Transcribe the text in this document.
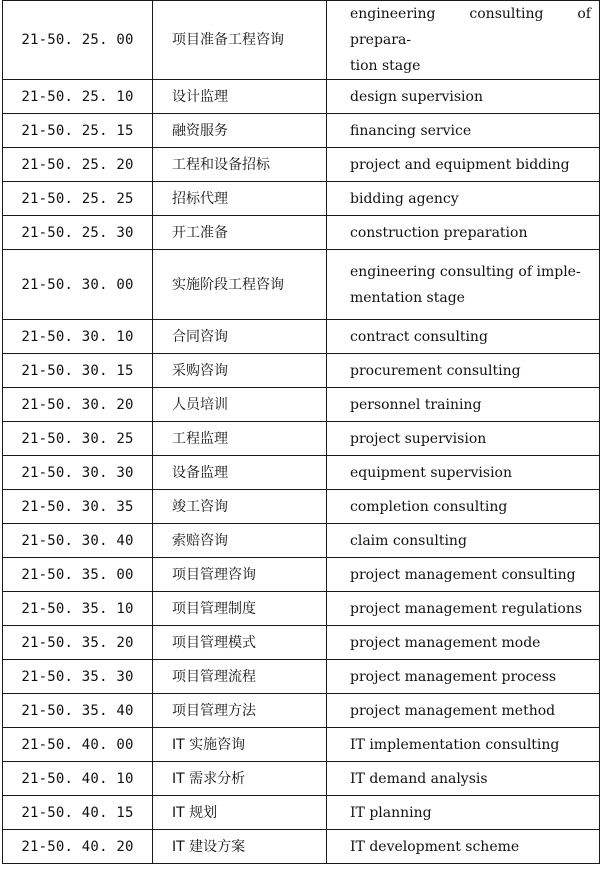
21-50. 25. 00	项目准备工程咨询	engineering consulting of prepara-
tion stage

21-50. 25. 10	设计监理	design supervision
21-50. 25. 15	融资服务	financing service
21-50. 25. 20	工程和设备招标	project and equipment bidding
21-50. 25. 25	招标代理	bidding agency
21-50. 25. 30	开工准备	construction preparation
21-50. 30. 00	实施阶段工程咨询	engineering consulting of imple-
mentation stage

21-50. 30. 10	合同咨询	contract consulting
21-50. 30. 15	采购咨询	procurement consulting
21-50. 30. 20	人员培训	personnel training
21-50. 30. 25	工程监理	project supervision
21-50. 30. 30	设备监理	equipment supervision
21-50. 30. 35	竣工咨询	completion consulting
21-50. 30. 40	索赔咨询	claim consulting
21-50. 35. 00	项目管理咨询	project management consulting
21-50. 35. 10	项目管理制度	project management regulations
21-50. 35. 20	项目管理模式	project management mode
21-50. 35. 30	项目管理流程	project management process
21-50. 35. 40	项目管理方法	project management method
21-50. 40. 00	IT 实施咨询	IT implementation consulting
21-50. 40. 10	IT 需求分析	IT demand analysis
21-50. 40. 15	IT 规划	IT planning
21-50. 40. 20	IT 建设方案	IT development scheme
